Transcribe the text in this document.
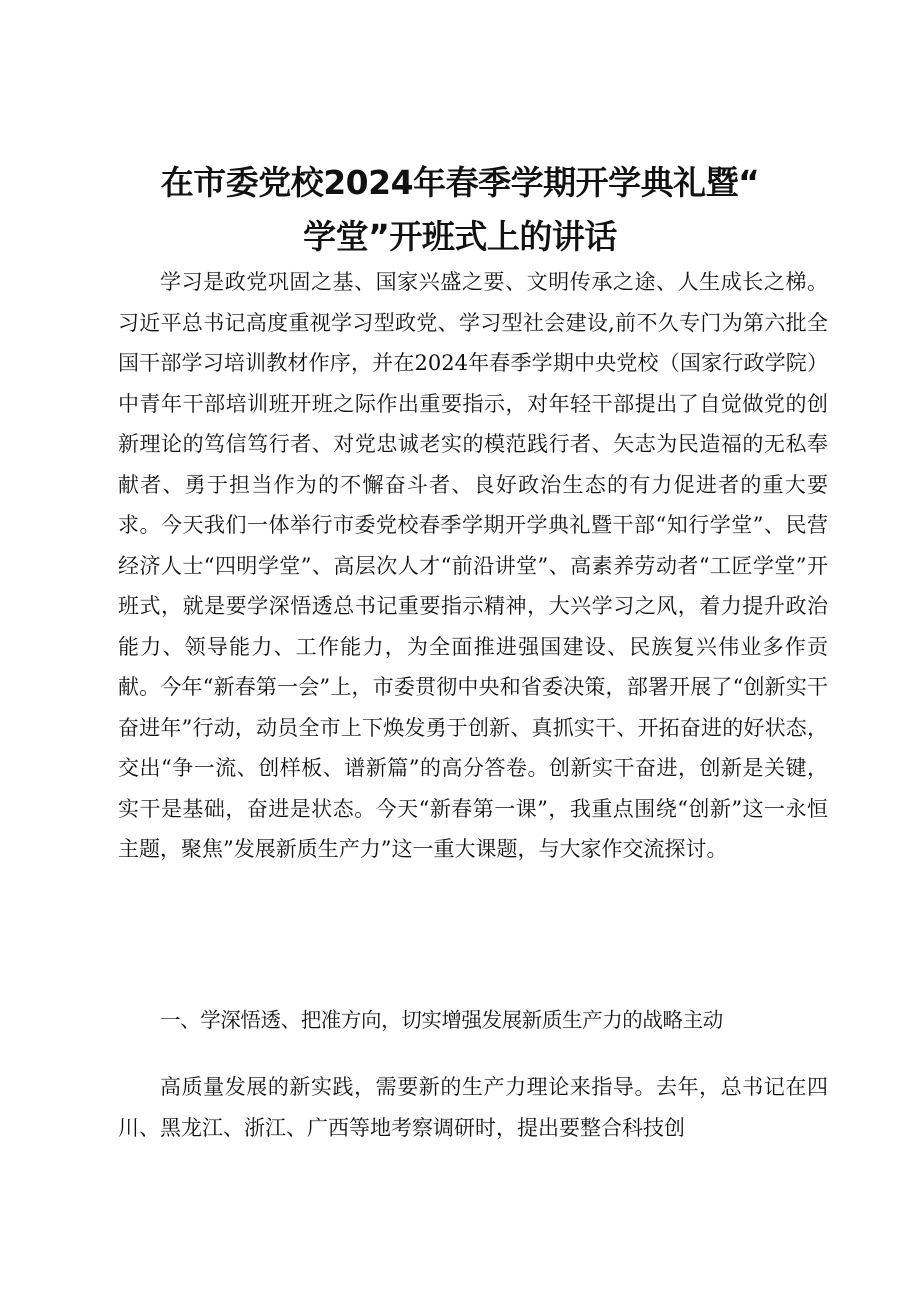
在市委党校2024年春季学期开学典礼暨“
学堂”开班式上的讲话

学习是政党巩固之基、国家兴盛之要、文明传承之途、人生成长之梯。习近平总书记高度重视学习型政党、学习型社会建设,前不久专门为第六批全国干部学习培训教材作序，并在2024年春季学期中央党校（国家行政学院）中青年干部培训班开班之际作出重要指示，对年轻干部提出了自觉做党的创新理论的笃信笃行者、对党忠诚老实的模范践行者、矢志为民造福的无私奉献者、勇于担当作为的不懈奋斗者、良好政治生态的有力促进者的重大要求。今天我们一体举行市委党校春季学期开学典礼暨干部“知行学堂”、民营经济人士“四明学堂”、高层次人才“前沿讲堂”、高素养劳动者“工匠学堂”开班式，就是要学深悟透总书记重要指示精神，大兴学习之风，着力提升政治能力、领导能力、工作能力，为全面推进强国建设、民族复兴伟业多作贡献。今年“新春第一会”上，市委贯彻中央和省委决策，部署开展了“创新实干奋进年”行动，动员全市上下焕发勇于创新、真抓实干、开拓奋进的好状态，交出“争一流、创样板、谱新篇”的高分答卷。创新实干奋进，创新是关键，实干是基础，奋进是状态。今天“新春第一课”，我重点围绕“创新”这一永恒主题，聚焦”发展新质生产力”这一重大课题，与大家作交流探讨。

一、学深悟透、把准方向，切实增强发展新质生产力的战略主动

高质量发展的新实践，需要新的生产力理论来指导。去年，总书记在四川、黑龙江、浙江、广西等地考察调研时，提出要整合科技创
